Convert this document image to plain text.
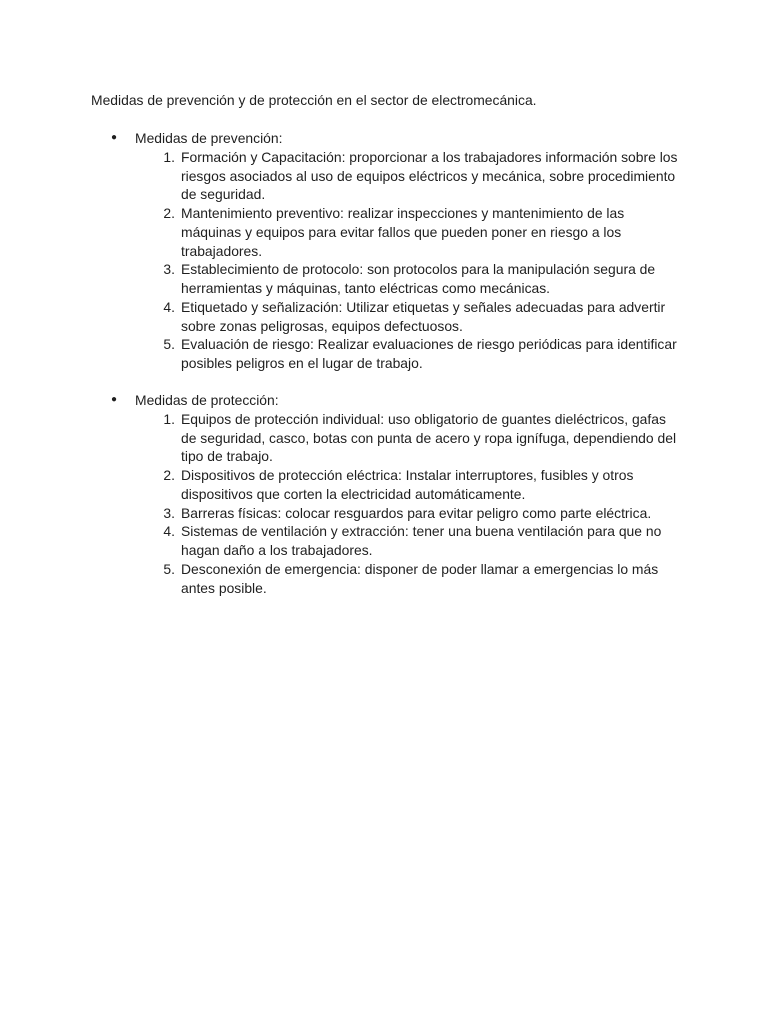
Medidas de prevención y de protección en el sector de electromecánica.
● Medidas de prevención:
1. Formación y Capacitación: proporcionar a los trabajadores información sobre los
riesgos asociados al uso de equipos eléctricos y mecánica, sobre procedimiento
de seguridad.
2. Mantenimiento preventivo: realizar inspecciones y mantenimiento de las
máquinas y equipos para evitar fallos que pueden poner en riesgo a los
trabajadores.
3. Establecimiento de protocolo: son protocolos para la manipulación segura de
herramientas y máquinas, tanto eléctricas como mecánicas.
4. Etiquetado y señalización: Utilizar etiquetas y señales adecuadas para advertir
sobre zonas peligrosas, equipos defectuosos.
5. Evaluación de riesgo: Realizar evaluaciones de riesgo periódicas para identificar
posibles peligros en el lugar de trabajo.
● Medidas de protección:
1. Equipos de protección individual: uso obligatorio de guantes dieléctricos, gafas
de seguridad, casco, botas con punta de acero y ropa ignífuga, dependiendo del
tipo de trabajo.
2. Dispositivos de protección eléctrica: Instalar interruptores, fusibles y otros
dispositivos que corten la electricidad automáticamente.
3. Barreras físicas: colocar resguardos para evitar peligro como parte eléctrica.
4. Sistemas de ventilación y extracción: tener una buena ventilación para que no
hagan daño a los trabajadores.
5. Desconexión de emergencia: disponer de poder llamar a emergencias lo más
antes posible.
